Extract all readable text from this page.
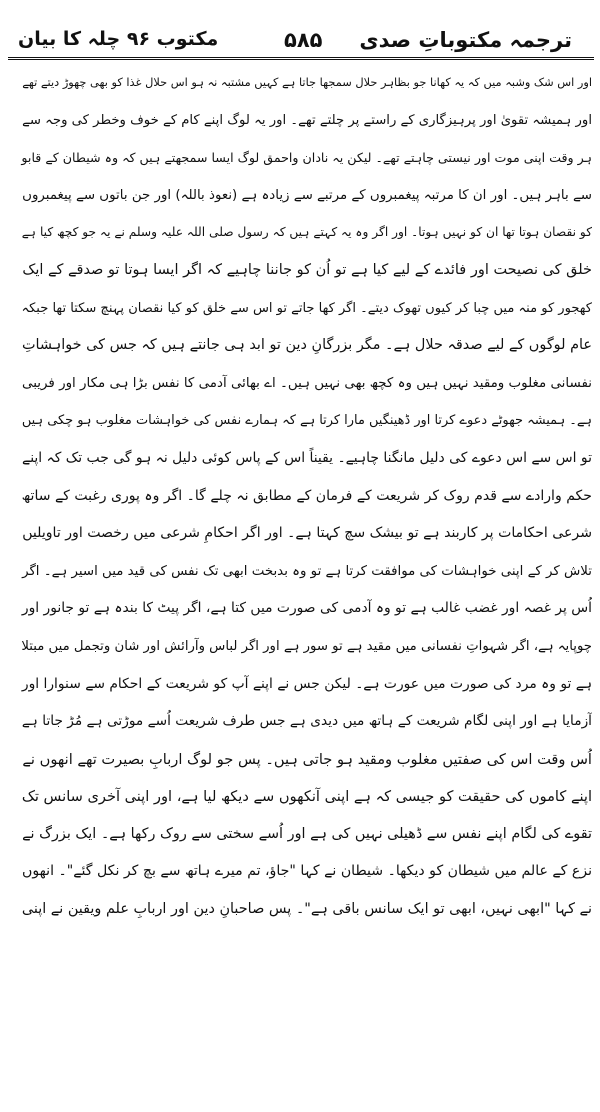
ترجمہ مکتوباتِ صدی
۵۸۵
مکتوب ۹۶ چلہ کا بیان
اور اس شک وشبہ میں کہ یہ کھانا جو بظاہر حلال سمجھا جاتا ہے کہیں مشتبہ نہ ہو اس حلال غذا کو بھی چھوڑ دیتے تھے
اور ہمیشہ تقویٰ اور پرہیزگاری کے راستے پر چلتے تھے۔ اور یہ لوگ اپنے کام کے خوف وخطر کی وجہ سے
ہر وقت اپنی موت اور نیستی چاہتے تھے۔ لیکن یہ نادان واحمق لوگ ایسا سمجھتے ہیں کہ وہ شیطان کے قابو
سے باہر ہیں۔ اور ان کا مرتبہ پیغمبروں کے مرتبے سے زیادہ ہے (نعوذ باللہ) اور جن باتوں سے پیغمبروں
کو نقصان ہوتا تھا ان کو نہیں ہوتا۔ اور اگر وہ یہ کہتے ہیں کہ رسول صلی اللہ علیہ وسلم نے یہ جو کچھ کیا ہے
خلق کی نصیحت اور فائدے کے لیے کیا ہے تو اُن کو جاننا چاہیے کہ اگر ایسا ہوتا تو صدقے کے ایک
کھجور کو منہ میں چبا کر کیوں تھوک دیتے۔ اگر کھا جاتے تو اس سے خلق کو کیا نقصان پہنچ سکتا تھا جبکہ
عام لوگوں کے لیے صدقہ حلال ہے۔ مگر بزرگانِ دین تو ابد ہی جانتے ہیں کہ جس کی خواہشاتِ
نفسانی مغلوب ومقید نہیں ہیں وہ کچھ بھی نہیں ہیں۔ اے بھائی آدمی کا نفس بڑا ہی مکار اور فریبی
ہے۔ ہمیشہ جھوٹے دعوے کرتا اور ڈھینگیں مارا کرتا ہے کہ ہمارے نفس کی خواہشات مغلوب ہو چکی ہیں
تو اس سے اس دعوے کی دلیل مانگنا چاہیے۔ یقیناً اس کے پاس کوئی دلیل نہ ہو گی جب تک کہ اپنے
حکم وارادے سے قدم روک کر شریعت کے فرمان کے مطابق نہ چلے گا۔ اگر وہ پوری رغبت کے ساتھ
شرعی احکامات پر کاربند ہے تو بیشک سچ کہتا ہے۔ اور اگر احکامِ شرعی میں رخصت اور تاویلیں
تلاش کر کے اپنی خواہشات کی موافقت کرتا ہے تو وہ بدبخت ابھی تک نفس کی قید میں اسیر ہے۔ اگر
اُس پر غصہ اور غضب غالب ہے تو وہ آدمی کی صورت میں کتا ہے، اگر پیٹ کا بندہ ہے تو جانور اور
چوپایہ ہے، اگر شہواتِ نفسانی میں مقید ہے تو سور ہے اور اگر لباس وآرائش اور شان وتجمل میں مبتلا
ہے تو وہ مرد کی صورت میں عورت ہے۔ لیکن جس نے اپنے آپ کو شریعت کے احکام سے سنوارا اور
آزمایا ہے اور اپنی لگام شریعت کے ہاتھ میں دیدی ہے جس طرف شریعت اُسے موڑتی ہے مُڑ جاتا ہے
اُس وقت اس کی صفتیں مغلوب ومقید ہو جاتی ہیں۔ پس جو لوگ اربابِ بصیرت تھے انھوں نے
اپنے کاموں کی حقیقت کو جیسی کہ ہے اپنی آنکھوں سے دیکھ لیا ہے، اور اپنی آخری سانس تک
تقوے کی لگام اپنے نفس سے ڈھیلی نہیں کی ہے اور اُسے سختی سے روک رکھا ہے۔ ایک بزرگ نے
نزع کے عالم میں شیطان کو دیکھا۔ شیطان نے کہا "جاؤ، تم میرے ہاتھ سے بچ کر نکل گئے"۔ انھوں
نے کہا "ابھی نہیں، ابھی تو ایک سانس باقی ہے"۔ پس صاحبانِ دین اور اربابِ علم ویقین نے اپنی
